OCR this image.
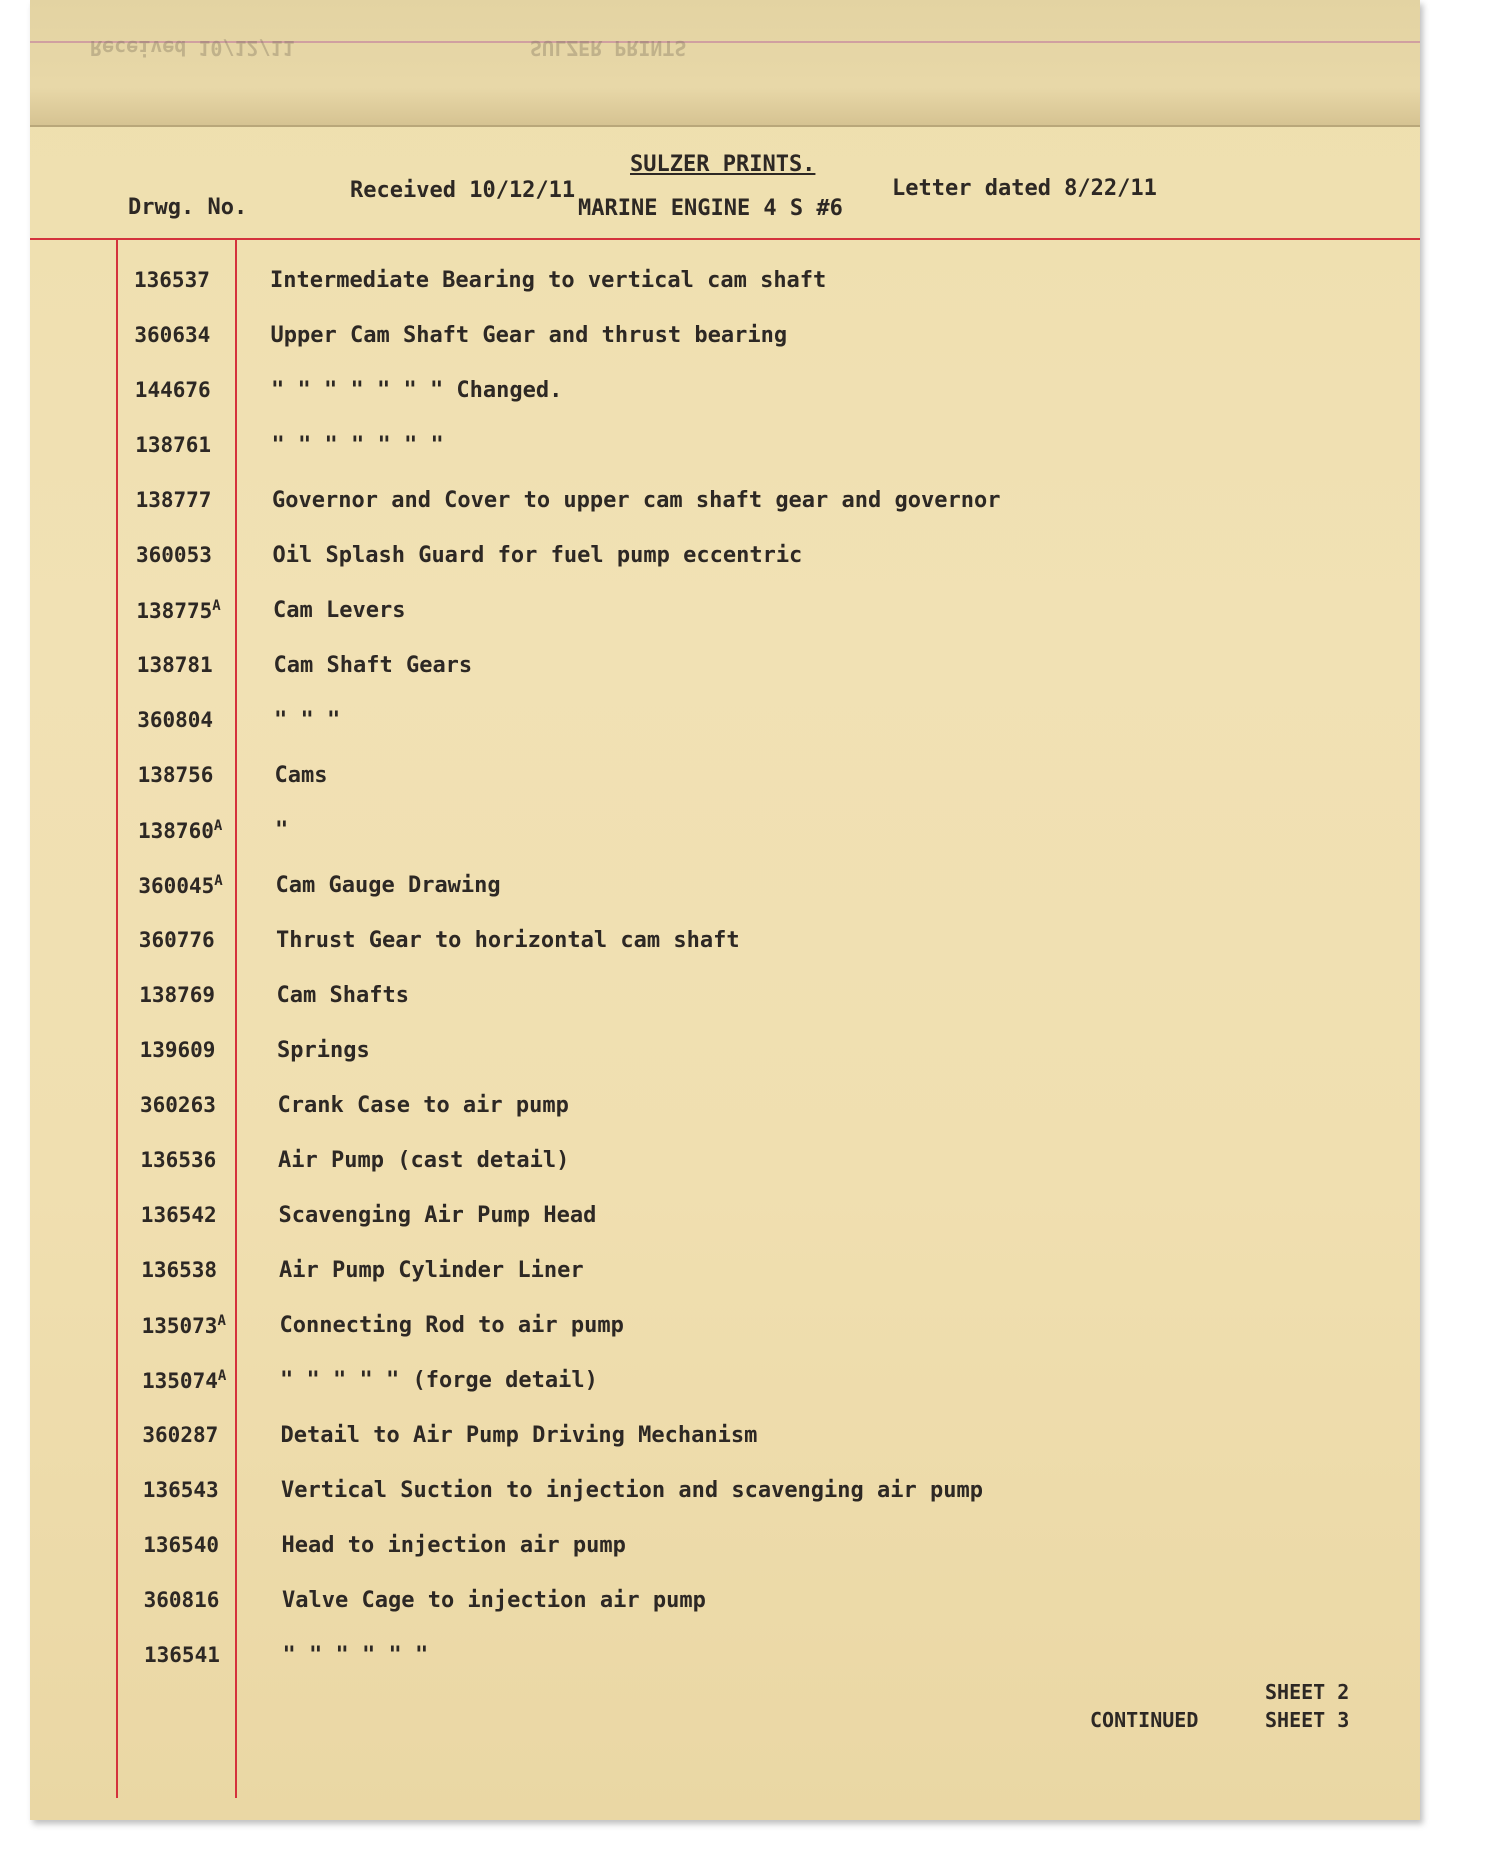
Received 10/12/11	SULZER PRINTS
Drwg. No.
Received 10/12/11
SULZER PRINTS.
MARINE ENGINE 4 S #6
Letter dated 8/22/11
136537	Intermediate Bearing to vertical cam shaft
360634	Upper Cam Shaft Gear and thrust bearing
144676	" " " " " " " Changed.
138761	" " " " " " "
138777	Governor and Cover to upper cam shaft gear and governor
360053	Oil Splash Guard for fuel pump eccentric
$138775^A$ Cam Levers
138781	Cam Shaft Gears
360804	" " "
138756	Cams
$138760^A$ "
$360045^A$ Cam Gauge Drawing
360776	Thrust Gear to horizontal cam shaft
138769	Cam Shafts
139609	Springs
360263	Crank Case to air pump
136536	Air Pump (cast detail)
136542	Scavenging Air Pump Head
136538	Air Pump Cylinder Liner
$135073^A$ Connecting Rod to air pump
$135074^A$ " " " " " (forge detail)
360287	Detail to Air Pump Driving Mechanism
136543	Vertical Suction to injection and scavenging air pump
136540	Head to injection air pump
360816	Valve Cage to injection air pump
136541	" " " " " "
SHEET 2
CONTINUED	SHEET 3
